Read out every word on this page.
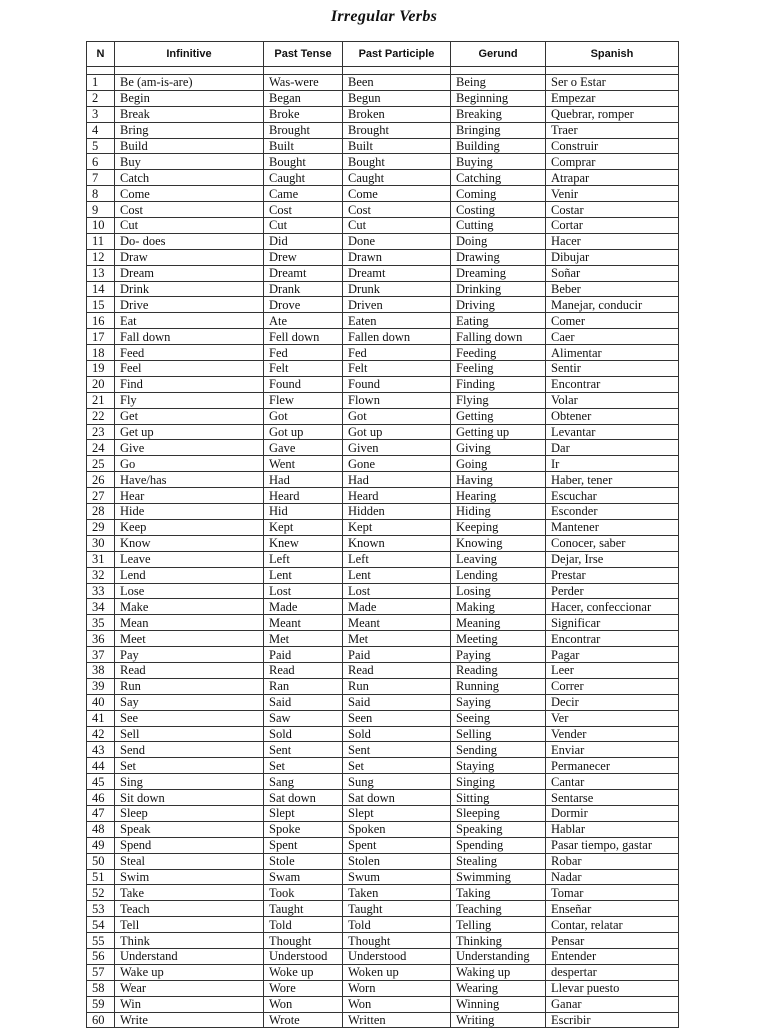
Irregular Verbs
N	Infinitive	Past Tense	Past Participle	Gerund	Spanish

1	Be (am-is-are)	Was-were	Been	Being	Ser o Estar
2	Begin	Began	Begun	Beginning	Empezar
3	Break	Broke	Broken	Breaking	Quebrar, romper
4	Bring	Brought	Brought	Bringing	Traer
5	Build	Built	Built	Building	Construir
6	Buy	Bought	Bought	Buying	Comprar
7	Catch	Caught	Caught	Catching	Atrapar
8	Come	Came	Come	Coming	Venir
9	Cost	Cost	Cost	Costing	Costar
10	Cut	Cut	Cut	Cutting	Cortar
11	Do- does	Did	Done	Doing	Hacer
12	Draw	Drew	Drawn	Drawing	Dibujar
13	Dream	Dreamt	Dreamt	Dreaming	Soñar
14	Drink	Drank	Drunk	Drinking	Beber
15	Drive	Drove	Driven	Driving	Manejar, conducir
16	Eat	Ate	Eaten	Eating	Comer
17	Fall down	Fell down	Fallen down	Falling down	Caer
18	Feed	Fed	Fed	Feeding	Alimentar
19	Feel	Felt	Felt	Feeling	Sentir
20	Find	Found	Found	Finding	Encontrar
21	Fly	Flew	Flown	Flying	Volar
22	Get	Got	Got	Getting	Obtener
23	Get up	Got up	Got up	Getting up	Levantar
24	Give	Gave	Given	Giving	Dar
25	Go	Went	Gone	Going	Ir
26	Have/has	Had	Had	Having	Haber, tener
27	Hear	Heard	Heard	Hearing	Escuchar
28	Hide	Hid	Hidden	Hiding	Esconder
29	Keep	Kept	Kept	Keeping	Mantener
30	Know	Knew	Known	Knowing	Conocer, saber
31	Leave	Left	Left	Leaving	Dejar, Irse
32	Lend	Lent	Lent	Lending	Prestar
33	Lose	Lost	Lost	Losing	Perder
34	Make	Made	Made	Making	Hacer, confeccionar
35	Mean	Meant	Meant	Meaning	Significar
36	Meet	Met	Met	Meeting	Encontrar
37	Pay	Paid	Paid	Paying	Pagar
38	Read	Read	Read	Reading	Leer
39	Run	Ran	Run	Running	Correr
40	Say	Said	Said	Saying	Decir
41	See	Saw	Seen	Seeing	Ver
42	Sell	Sold	Sold	Selling	Vender
43	Send	Sent	Sent	Sending	Enviar
44	Set	Set	Set	Staying	Permanecer
45	Sing	Sang	Sung	Singing	Cantar
46	Sit down	Sat down	Sat down	Sitting	Sentarse
47	Sleep	Slept	Slept	Sleeping	Dormir
48	Speak	Spoke	Spoken	Speaking	Hablar
49	Spend	Spent	Spent	Spending	Pasar tiempo, gastar
50	Steal	Stole	Stolen	Stealing	Robar
51	Swim	Swam	Swum	Swimming	Nadar
52	Take	Took	Taken	Taking	Tomar
53	Teach	Taught	Taught	Teaching	Enseñar
54	Tell	Told	Told	Telling	Contar, relatar
55	Think	Thought	Thought	Thinking	Pensar
56	Understand	Understood	Understood	Understanding	Entender
57	Wake up	Woke up	Woken up	Waking up	despertar
58	Wear	Wore	Worn	Wearing	Llevar puesto
59	Win	Won	Won	Winning	Ganar
60	Write	Wrote	Written	Writing	Escribir
